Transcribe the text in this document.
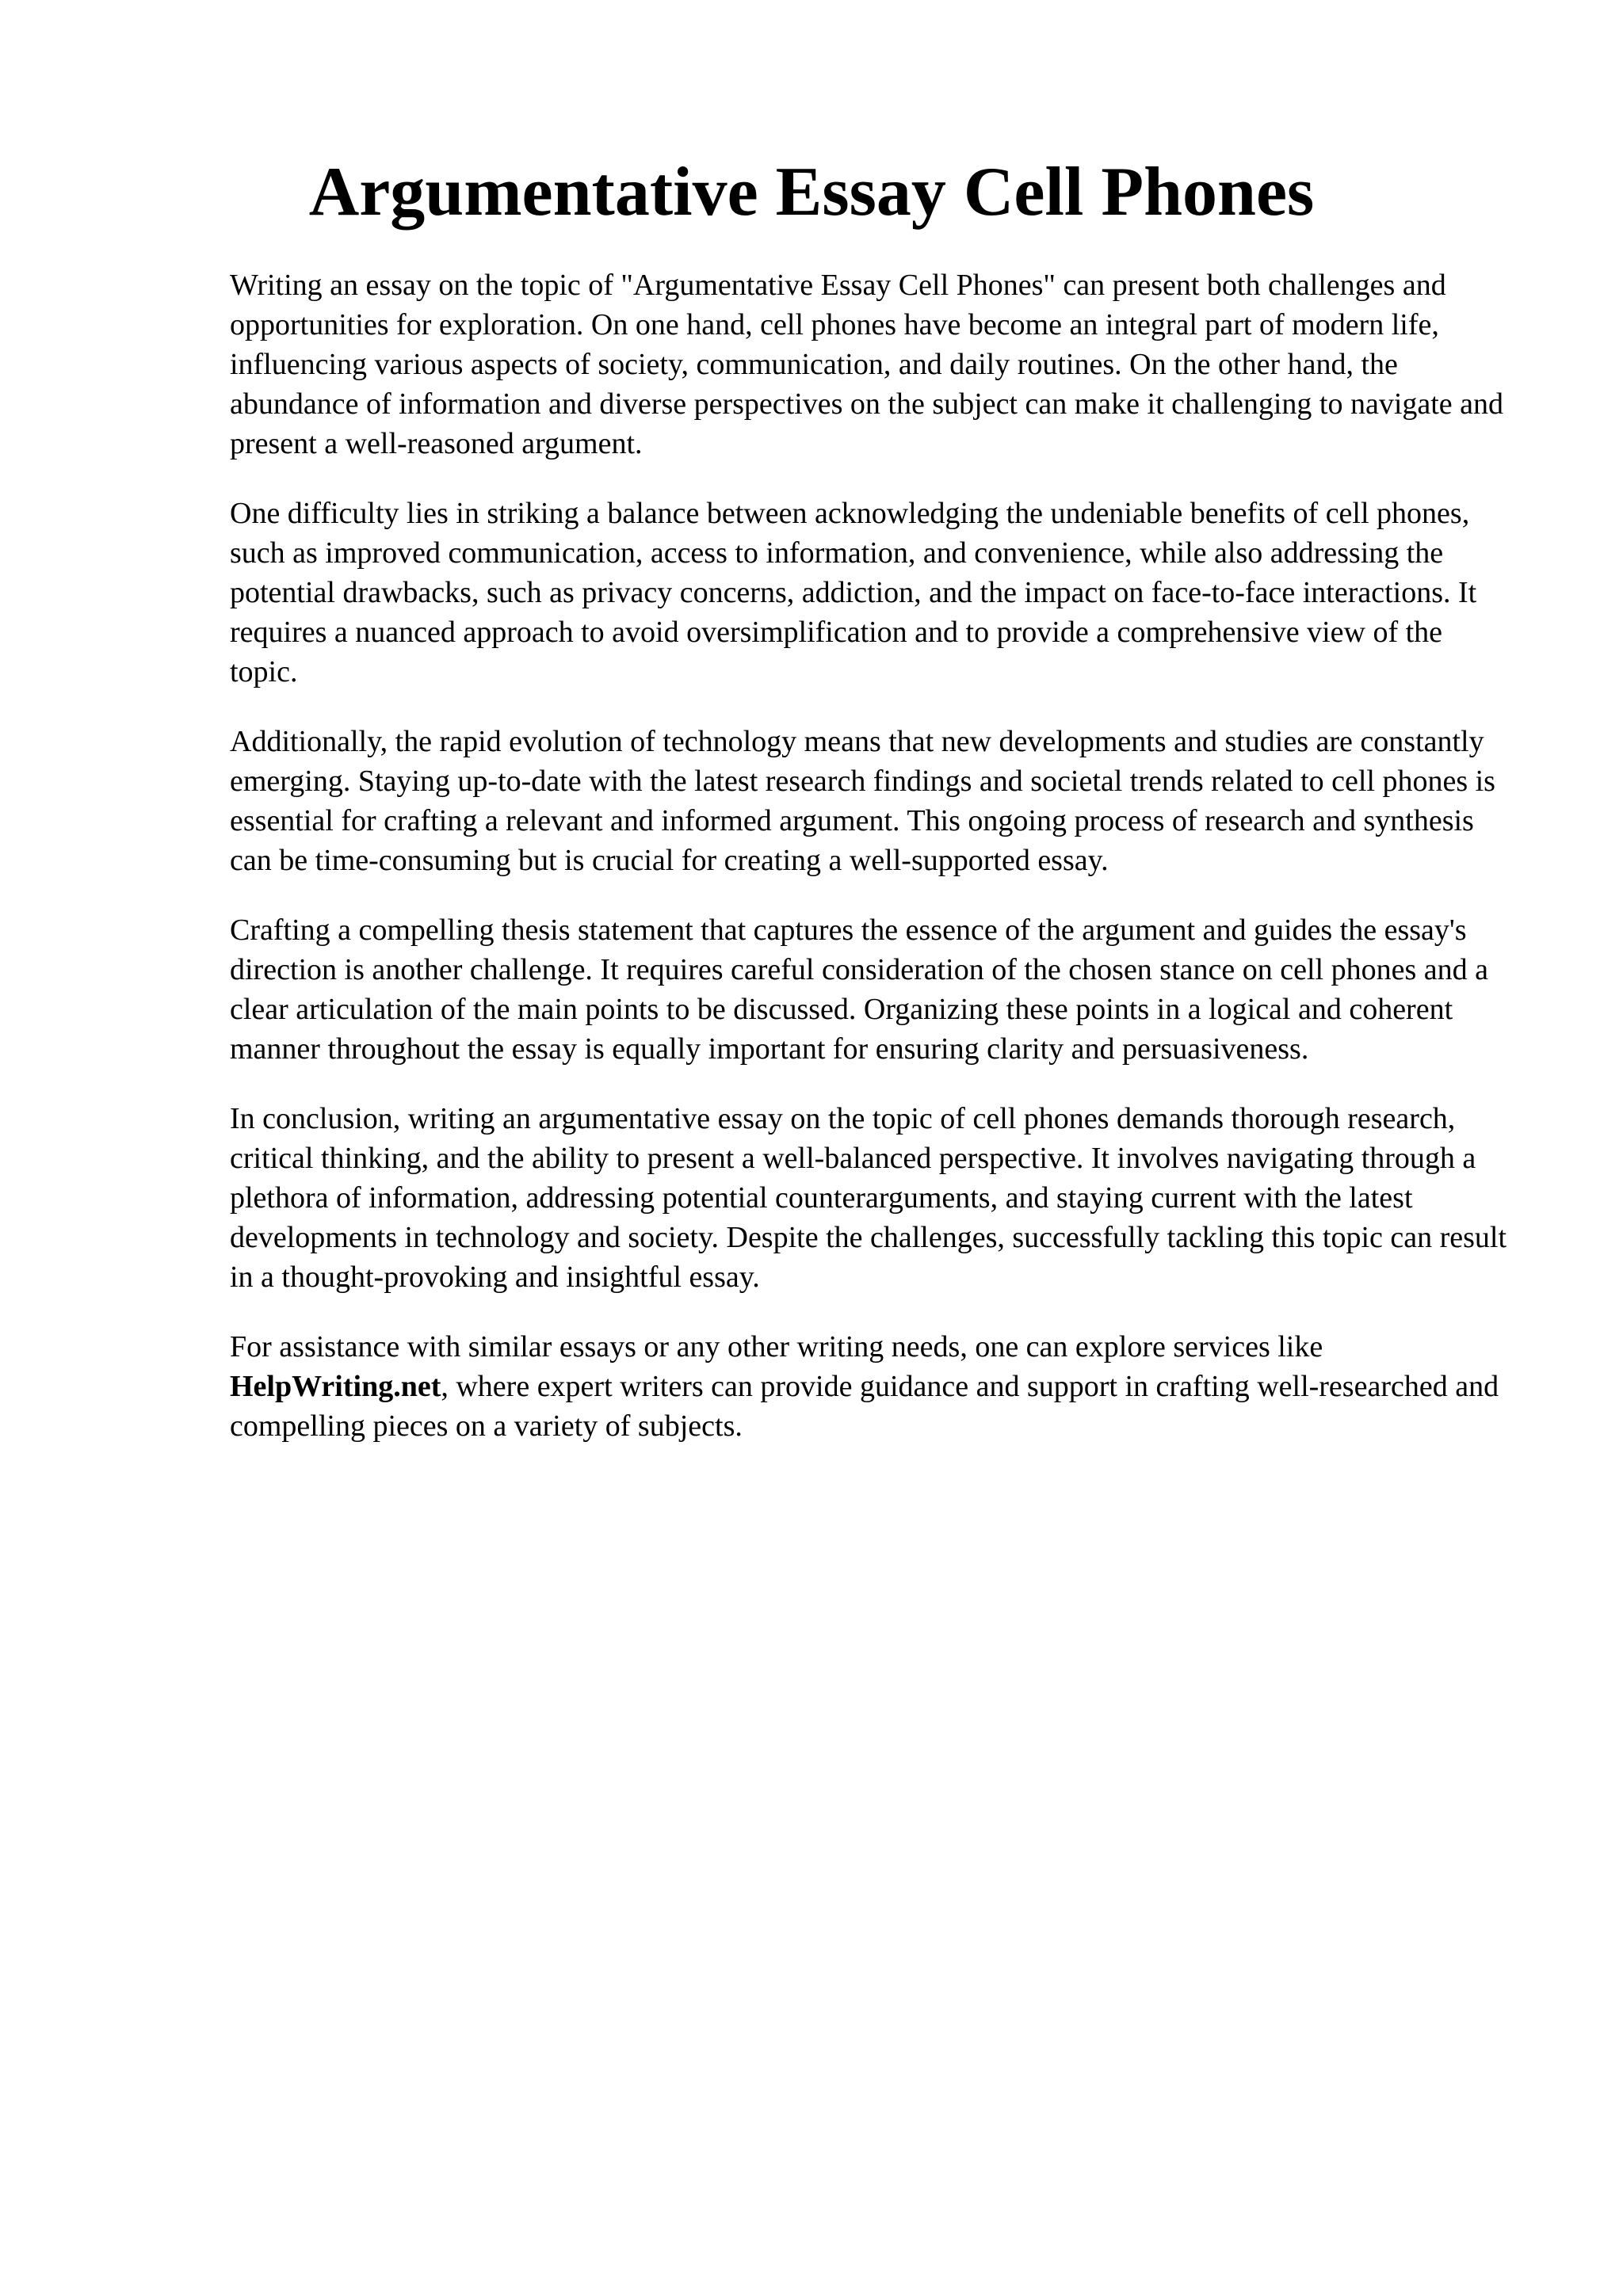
Argumentative Essay Cell Phones

Writing an essay on the topic of "Argumentative Essay Cell Phones" can present both challenges and opportunities for exploration. On one hand, cell phones have become an integral part of modern life, influencing various aspects of society, communication, and daily routines. On the other hand, the abundance of information and diverse perspectives on the subject can make it challenging to navigate and present a well-reasoned argument.

One difficulty lies in striking a balance between acknowledging the undeniable benefits of cell phones, such as improved communication, access to information, and convenience, while also addressing the potential drawbacks, such as privacy concerns, addiction, and the impact on face-to-face interactions. It requires a nuanced approach to avoid oversimplification and to provide a comprehensive view of the topic.

Additionally, the rapid evolution of technology means that new developments and studies are constantly emerging. Staying up-to-date with the latest research findings and societal trends related to cell phones is essential for crafting a relevant and informed argument. This ongoing process of research and synthesis can be time-consuming but is crucial for creating a well-supported essay.

Crafting a compelling thesis statement that captures the essence of the argument and guides the essay's direction is another challenge. It requires careful consideration of the chosen stance on cell phones and a clear articulation of the main points to be discussed. Organizing these points in a logical and coherent manner throughout the essay is equally important for ensuring clarity and persuasiveness.

In conclusion, writing an argumentative essay on the topic of cell phones demands thorough research, critical thinking, and the ability to present a well-balanced perspective. It involves navigating through a plethora of information, addressing potential counterarguments, and staying current with the latest developments in technology and society. Despite the challenges, successfully tackling this topic can result in a thought-provoking and insightful essay.

For assistance with similar essays or any other writing needs, one can explore services like HelpWriting.net, where expert writers can provide guidance and support in crafting well-researched and compelling pieces on a variety of subjects.
